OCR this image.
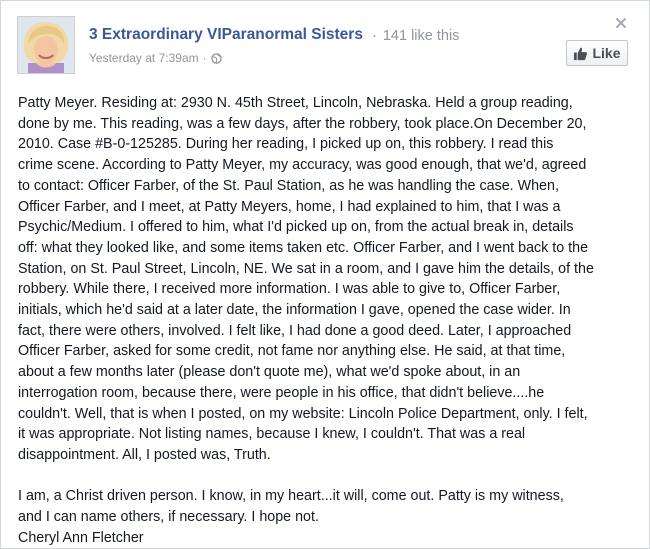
3 Extraordinary VIParanormal Sisters · 141 like this
Yesterday at 7:39am ·	Like

Patty Meyer. Residing at: 2930 N. 45th Street, Lincoln, Nebraska. Held a group reading,
done by me. This reading, was a few days, after the robbery, took place.On December 20,
2010. Case #B-0-125285. During her reading, I picked up on, this robbery. I read this
crime scene. According to Patty Meyer, my accuracy, was good enough, that we'd, agreed
to contact: Officer Farber, of the St. Paul Station, as he was handling the case. When,
Officer Farber, and I meet, at Patty Meyers, home, I had explained to him, that I was a
Psychic/Medium. I offered to him, what I'd picked up on, from the actual break in, details
off: what they looked like, and some items taken etc. Officer Farber, and I went back to the
Station, on St. Paul Street, Lincoln, NE. We sat in a room, and I gave him the details, of the
robbery. While there, I received more information. I was able to give to, Officer Farber,
initials, which he'd said at a later date, the information I gave, opened the case wider. In
fact, there were others, involved. I felt like, I had done a good deed. Later, I approached
Officer Farber, asked for some credit, not fame nor anything else. He said, at that time,
about a few months later (please don't quote me), what we'd spoke about, in an
interrogation room, because there, were people in his office, that didn't believe....he
couldn't. Well, that is when I posted, on my website: Lincoln Police Department, only. I felt,
it was appropriate. Not listing names, because I knew, I couldn't. That was a real
disappointment. All, I posted was, Truth.

I am, a Christ driven person. I know, in my heart...it will, come out. Patty is my witness,
and I can name others, if necessary. I hope not.
Cheryl Ann Fletcher
